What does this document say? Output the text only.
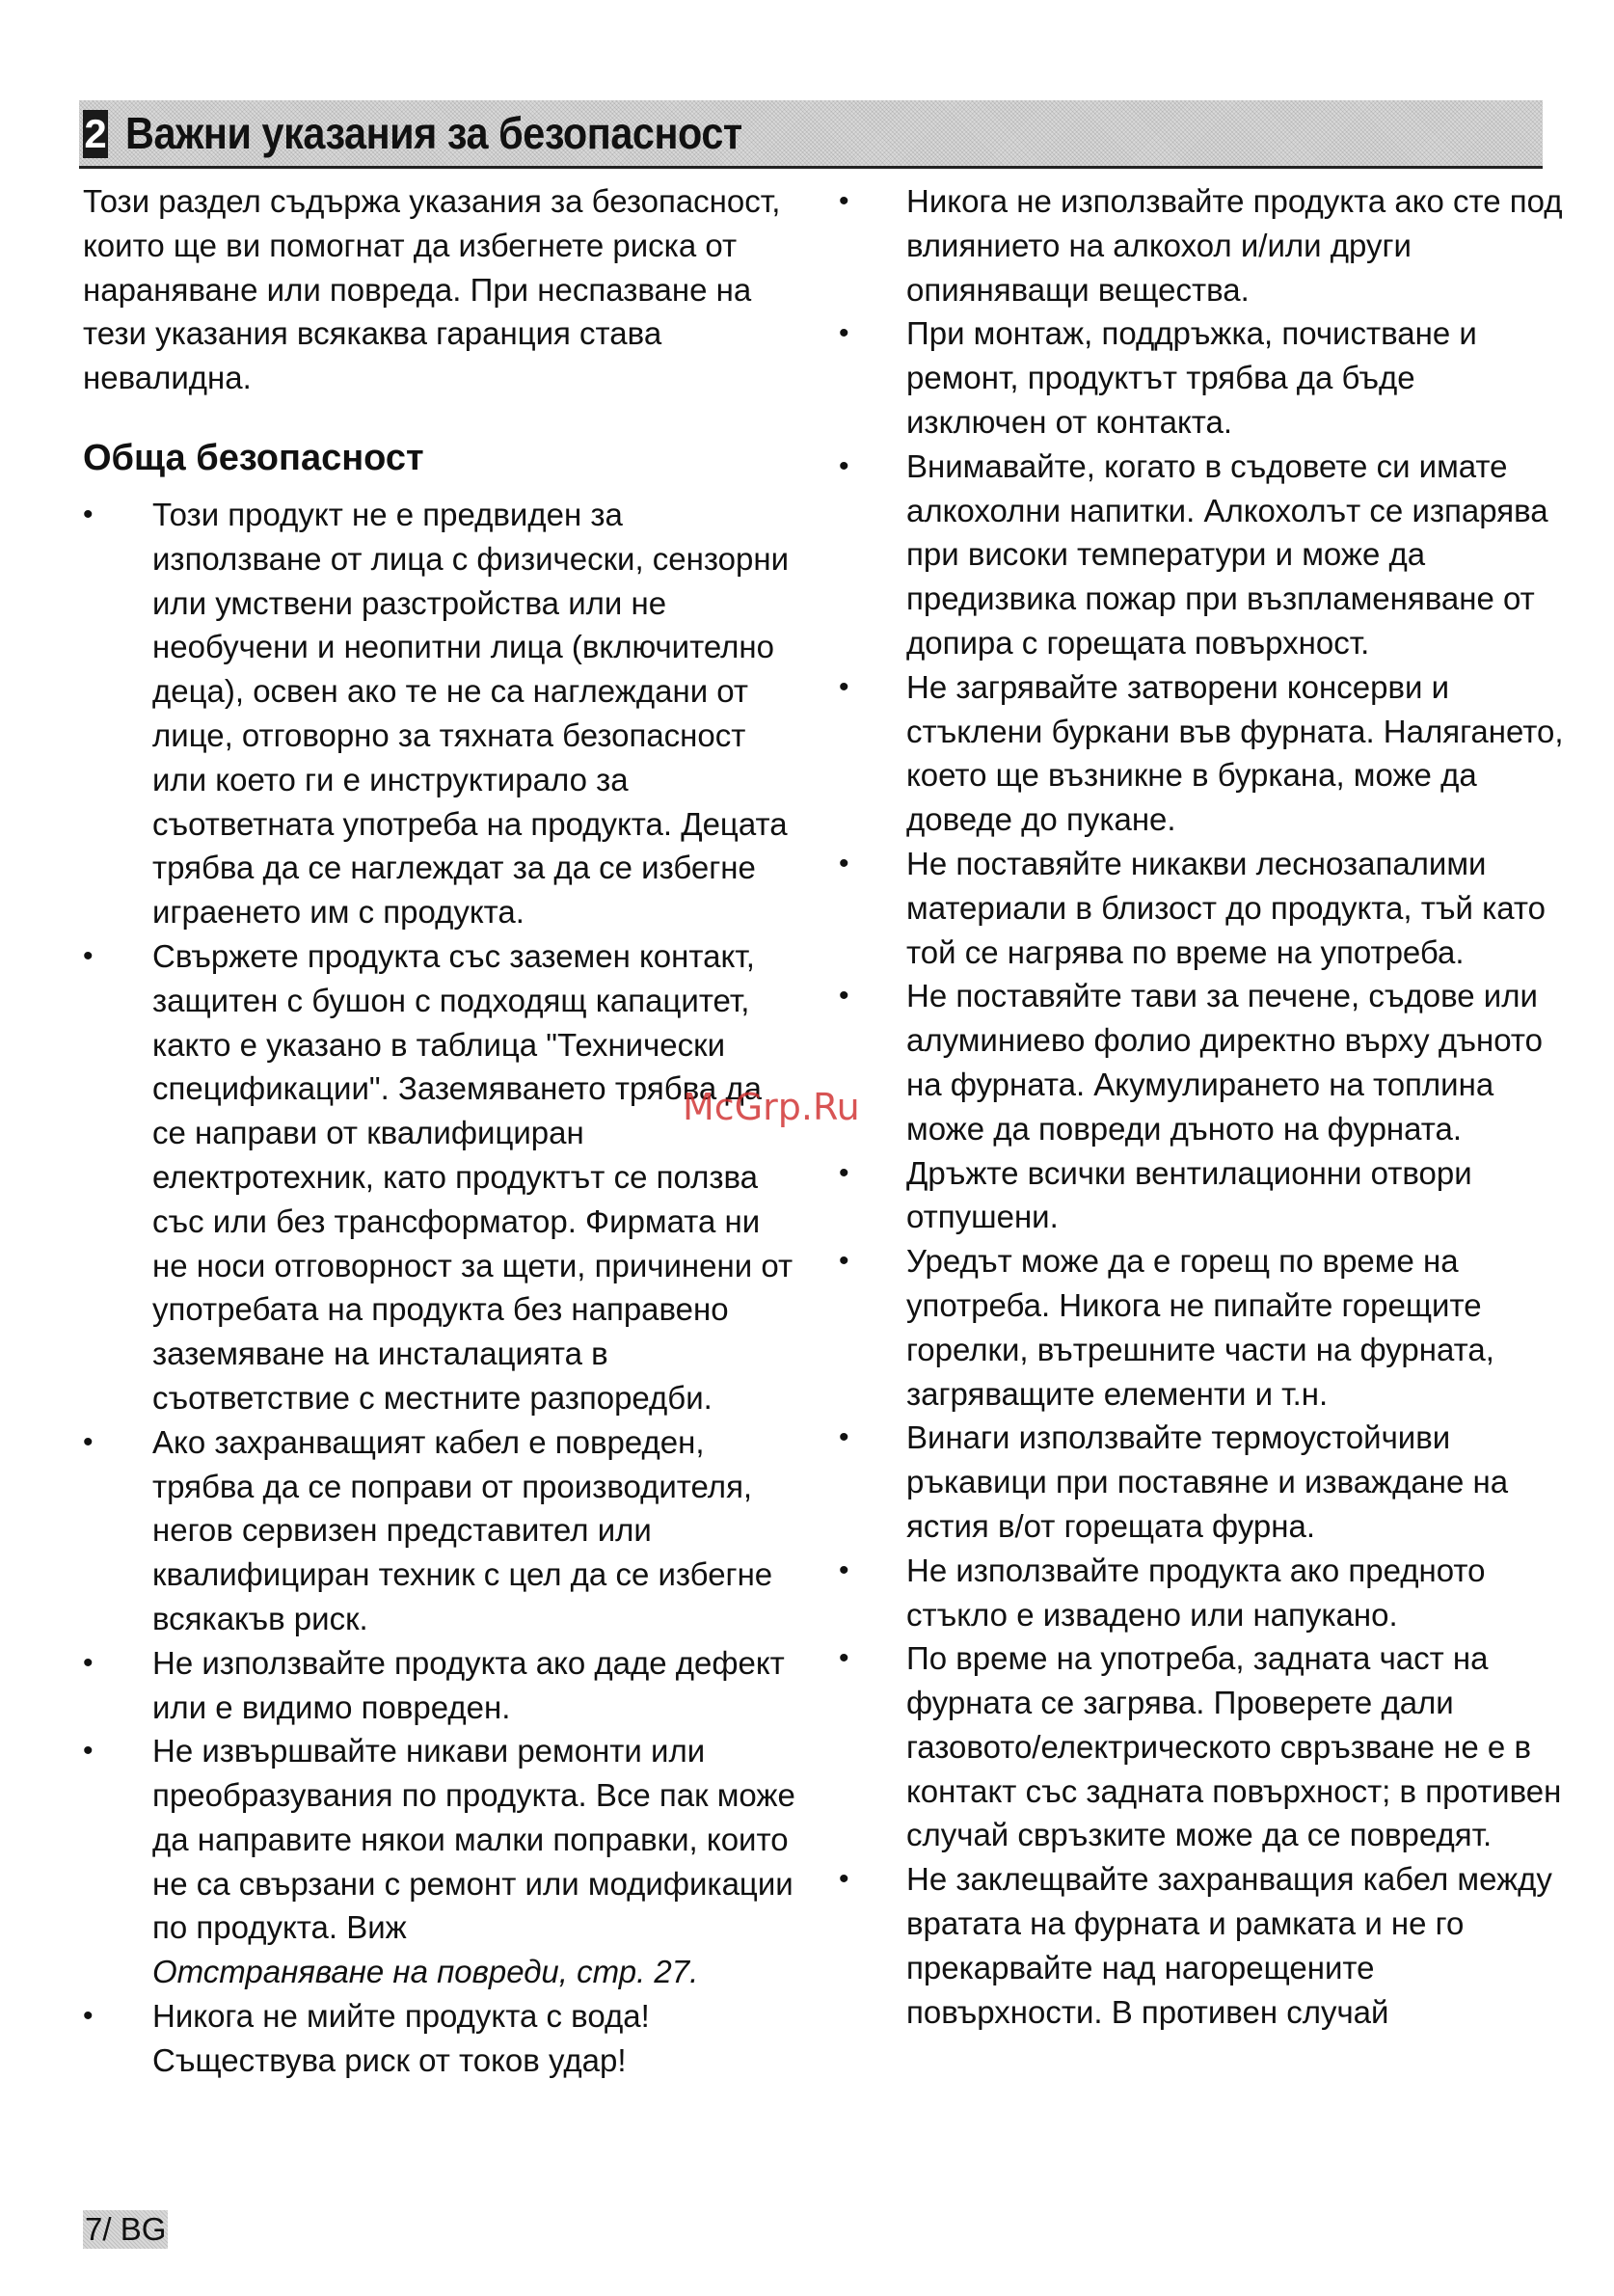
2 Важни указания за безопасност

Този раздел съдържа указания за безопасност, които ще ви помогнат да избегнете риска от нараняване или повреда. При неспазване на тези указания всякаква гаранция става невалидна.

Обща безопасност
• Този продукт не е предвиден за използване от лица с физически, сензорни или умствени разстройства или не необучени и неопитни лица (включително деца), освен ако те не са наглеждани от лице, отговорно за тяхната безопасност или което ги е инструктирало за съответната употреба на продукта. Децата трябва да се наглеждат за да се избегне играенето им с продукта.
• Свържете продукта със заземен контакт, защитен с бушон с подходящ капацитет, както е указано в таблица "Технически спецификации". Заземяването трябва да се направи от квалифициран електротехник, като продуктът се ползва със или без трансформатор. Фирмата ни не носи отговорност за щети, причинени от употребата на продукта без направено заземяване на инсталацията в съответствие с местните разпоредби.
• Ако захранващият кабел е повреден, трябва да се поправи от производителя, негов сервизен представител или квалифициран техник с цел да се избегне всякакъв риск.
• Не използвайте продукта ако даде дефект или е видимо повреден.
• Не извършвайте никави ремонти или преобразувания по продукта. Все пак може да направите някои малки поправки, които не са свързани с ремонт или модификации по продукта. Виж
Отстраняване на повреди, стр. 27.
• Никога не мийте продукта с вода! Съществува риск от токов удар!
• Никога не използвайте продукта ако сте под влиянието на алкохол и/или други опияняващи вещества.
• При монтаж, поддръжка, почистване и ремонт, продуктът трябва да бъде изключен от контакта.
• Внимавайте, когато в съдовете си имате алкохолни напитки. Алкохолът се изпарява при високи температури и може да предизвика пожар при възпламеняване от допира с горещата повърхност.
• Не загрявайте затворени консерви и стъклени буркани във фурната. Налягането, което ще възникне в буркана, може да доведе до пукане.
• Не поставяйте никакви леснозапалими материали в близост до продукта, тъй като той се нагрява по време на употреба.
• Не поставяйте тави за печене, съдове или алуминиево фолио директно върху дъното на фурната. Акумулирането на топлина може да повреди дъното на фурната.
• Дръжте всички вентилационни отвори отпушени.
• Уредът може да е горещ по време на употреба. Никога не пипайте горещите горелки, вътрешните части на фурната, загряващите елементи и т.н.
• Винаги използвайте термоустойчиви ръкавици при поставяне и изваждане на ястия в/от горещата фурна.
• Не използвайте продукта ако предното стъкло е извадено или напукано.
• По време на употреба, задната част на фурната се загрява. Проверете дали газовото/електрическото свръзване не е в контакт със задната повърхност; в противен случай свръзките може да се повредят.
• Не заклещвайте захранващия кабел между вратата на фурната и рамката и не го прекарвайте над нагорещените повърхности. В противен случай
McGrp.Ru
7/ BG
